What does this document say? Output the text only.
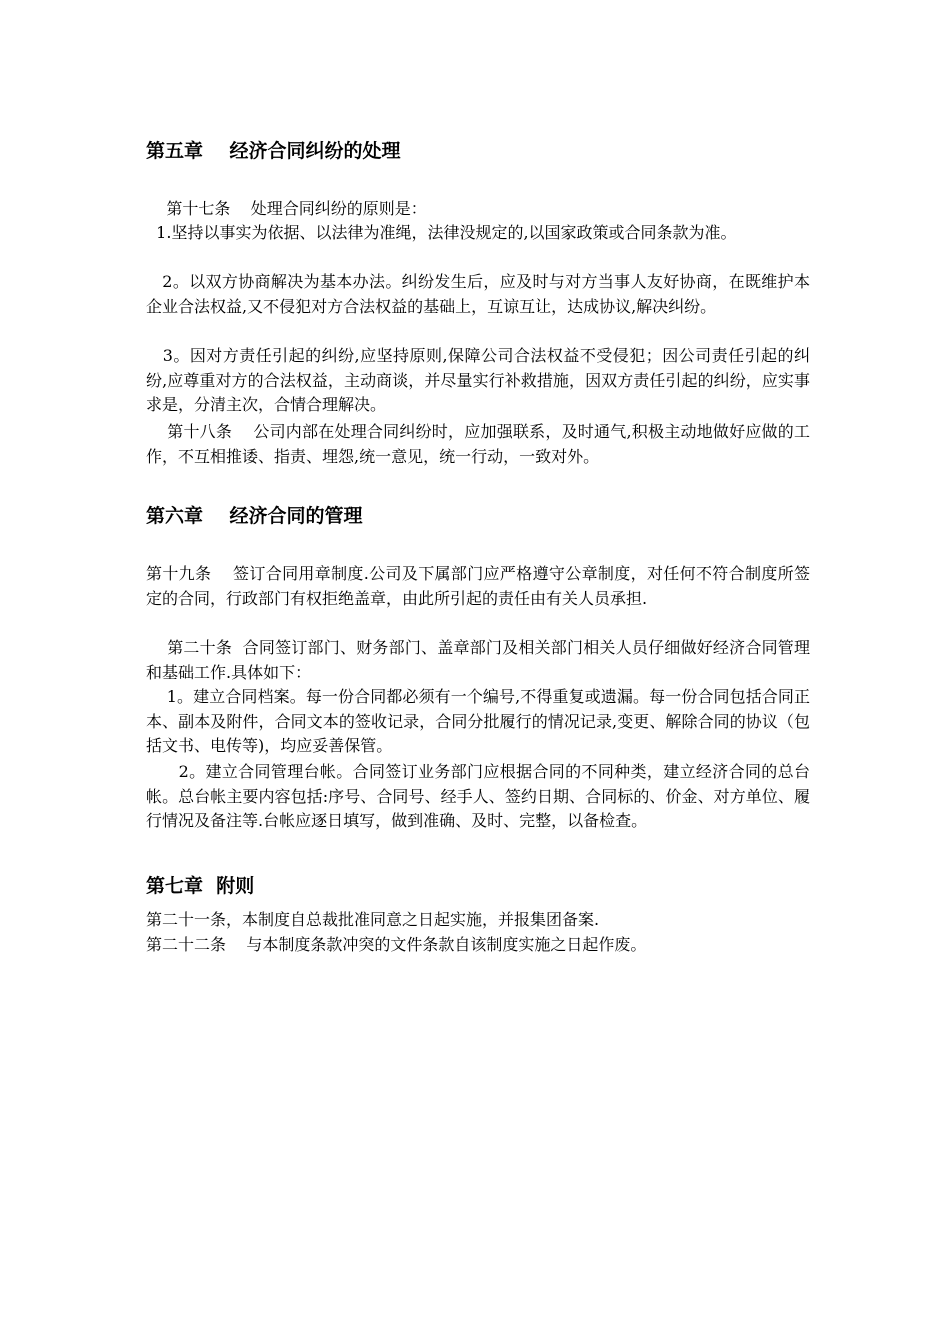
第五章    经济合同纠纷的处理
第十七条    处理合同纠纷的原则是：
1.坚持以事实为依据、以法律为准绳，法律没规定的,以国家政策或合同条款为准。
2。以双方协商解决为基本办法。纠纷发生后，应及时与对方当事人友好协商，在既维护本企业合法权益,又不侵犯对方合法权益的基础上，互谅互让，达成协议,解决纠纷。
3。因对方责任引起的纠纷,应坚持原则,保障公司合法权益不受侵犯；因公司责任引起的纠纷,应尊重对方的合法权益，主动商谈，并尽量实行补救措施，因双方责任引起的纠纷，应实事求是，分清主次，合情合理解决。
第十八条    公司内部在处理合同纠纷时，应加强联系，及时通气,积极主动地做好应做的工作，不互相推诿、指责、埋怨,统一意见，统一行动，一致对外。
第六章    经济合同的管理
第十九条    签订合同用章制度.公司及下属部门应严格遵守公章制度，对任何不符合制度所签定的合同，行政部门有权拒绝盖章，由此所引起的责任由有关人员承担.
第二十条  合同签订部门、财务部门、盖章部门及相关部门相关人员仔细做好经济合同管理和基础工作.具体如下：
1。建立合同档案。每一份合同都必须有一个编号,不得重复或遗漏。每一份合同包括合同正本、副本及附件，合同文本的签收记录，合同分批履行的情况记录,变更、解除合同的协议（包括文书、电传等)，均应妥善保管。
2。建立合同管理台帐。合同签订业务部门应根据合同的不同种类，建立经济合同的总台帐。总台帐主要内容包括:序号、合同号、经手人、签约日期、合同标的、价金、对方单位、履行情况及备注等.台帐应逐日填写，做到准确、及时、完整，以备检查。
第七章  附则
第二十一条，本制度自总裁批准同意之日起实施，并报集团备案.
第二十二条    与本制度条款冲突的文件条款自该制度实施之日起作废。
